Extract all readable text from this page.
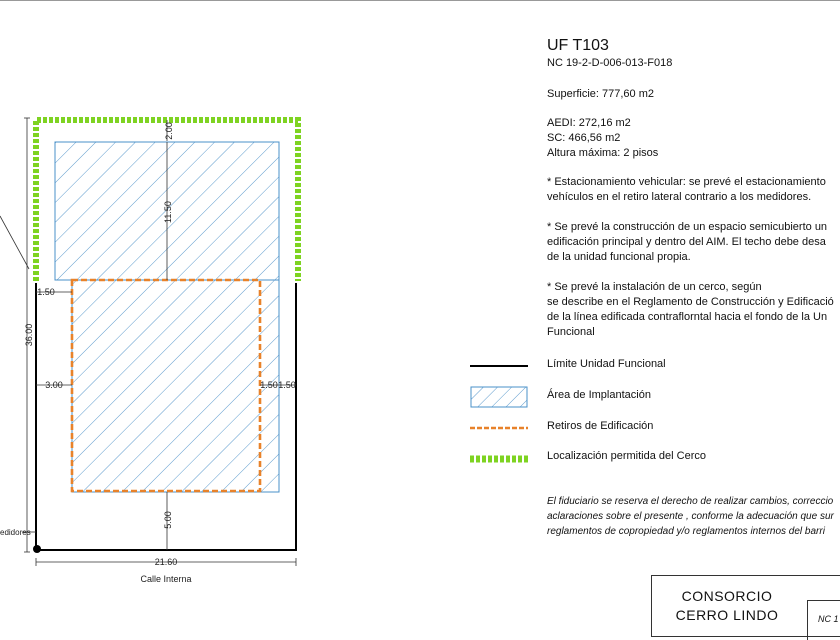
2.00
11.50
1.50
36.00
3.00	1.50 1.50
5.00
21.60
Calle Interna
edidores

UF T103

NC 19-2-D-006-013-F018

Superficie: 777,60 m2

AEDI: 272,16 m2

SC: 466,56 m2

Altura máxima: 2 pisos

* Estacionamiento vehicular: se prevé el estacionamiento

vehículos en el retiro lateral contrario a los medidores.

* Se prevé la construcción de un espacio semicubierto un

edificación principal y dentro del AIM. El techo debe desa

de la unidad funcional propia.

* Se prevé la instalación de un cerco, según

se describe en el Reglamento de Construcción y Edificació

de la línea edificada contraflorntal hacia el fondo de la Un

Funcional

Límite Unidad Funcional
Área de Implantación
Retiros de Edificación
Localización permitida del Cerco
El fiduciario se reserva el derecho de realizar cambios, correccio
aclaraciones sobre el presente , conforme la adecuación que sur
reglamentos de copropiedad y/o reglamentos internos del barri
CONSORCIO
CERRO LINDO	NC 1
